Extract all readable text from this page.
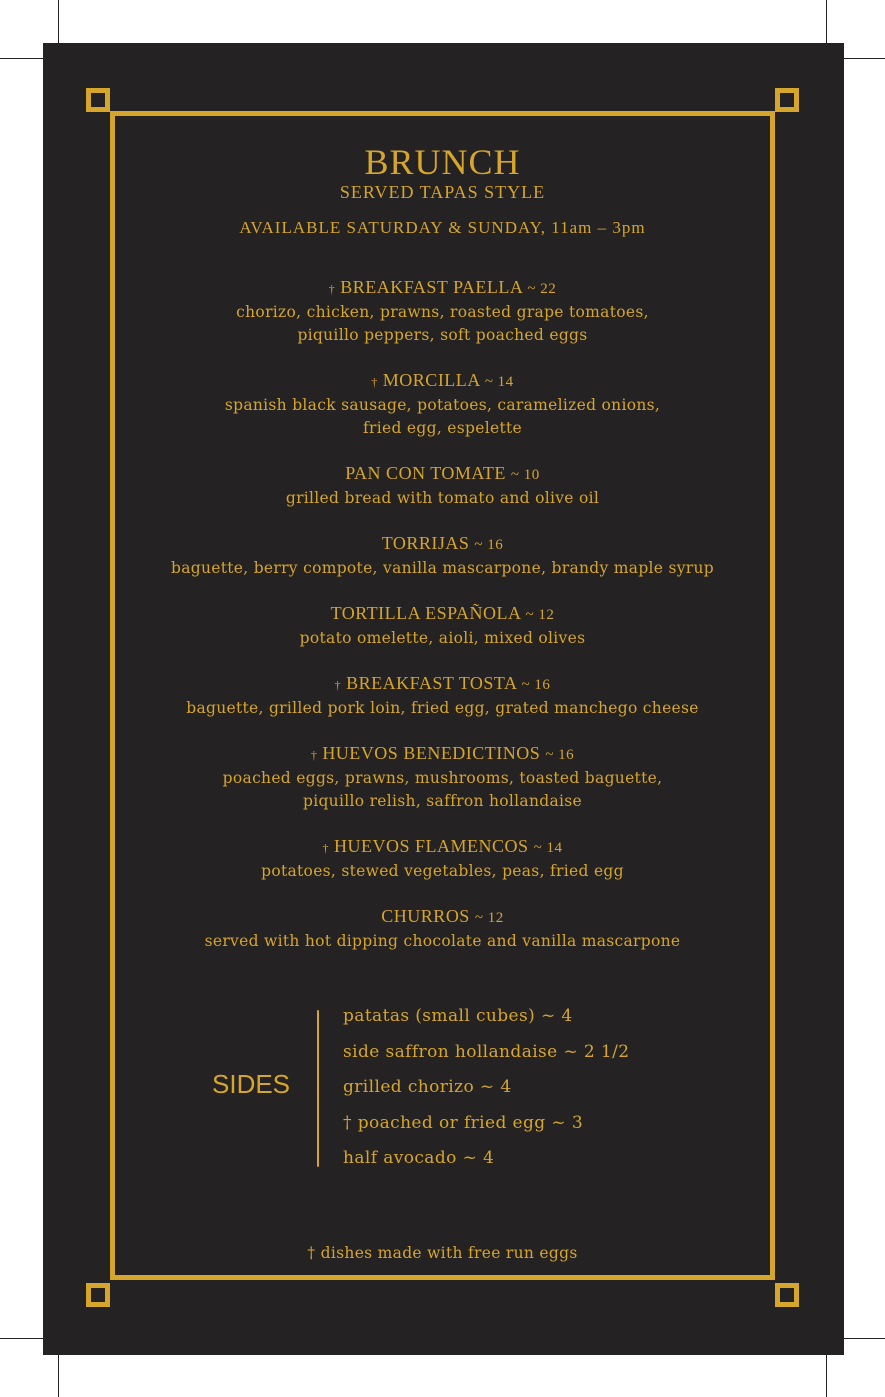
BRUNCH
SERVED TAPAS STYLE
AVAILABLE SATURDAY & SUNDAY, 11am – 3pm
† BREAKFAST PAELLA ~ 22
chorizo, chicken, prawns, roasted grape tomatoes,
piquillo peppers, soft poached eggs
† MORCILLA ~ 14
spanish black sausage, potatoes, caramelized onions,
fried egg, espelette
PAN CON TOMATE ~ 10
grilled bread with tomato and olive oil
TORRIJAS ~ 16
baguette, berry compote, vanilla mascarpone, brandy maple syrup
TORTILLA ESPAÑOLA ~ 12
potato omelette, aioli, mixed olives
† BREAKFAST TOSTA ~ 16
baguette, grilled pork loin, fried egg, grated manchego cheese
† HUEVOS BENEDICTINOS ~ 16
poached eggs, prawns, mushrooms, toasted baguette,
piquillo relish, saffron hollandaise
† HUEVOS FLAMENCOS ~ 14
potatoes, stewed vegetables, peas, fried egg
CHURROS ~ 12
served with hot dipping chocolate and vanilla mascarpone
SIDES
patatas (small cubes) ~ 4
side saffron hollandaise ~ 2 1/2
grilled chorizo ~ 4
† poached or fried egg ~ 3
half avocado ~ 4
† dishes made with free run eggs
